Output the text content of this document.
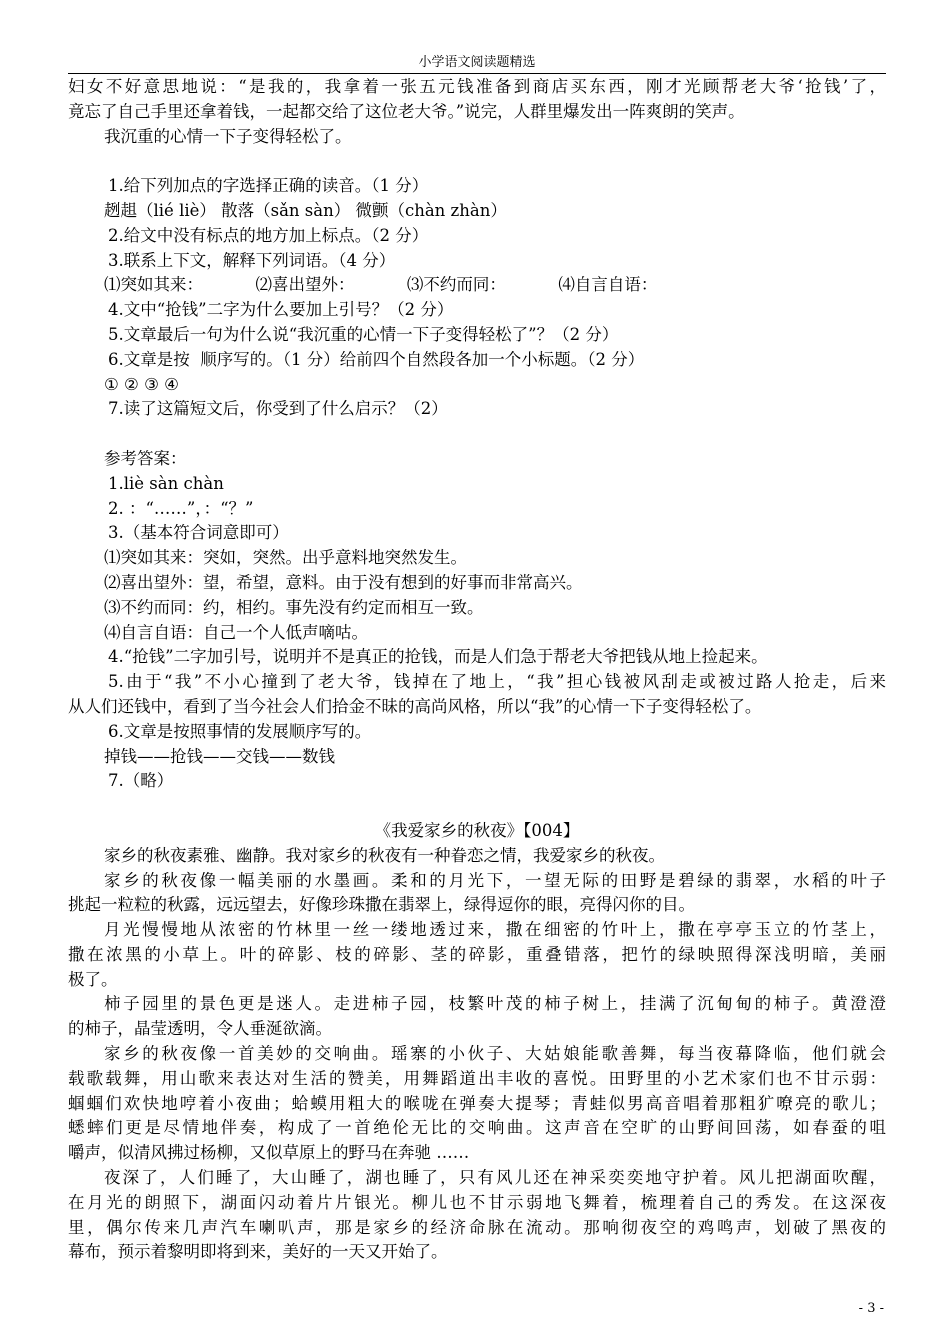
小学语文阅读题精选
妇女不好意思地说：“是我的，我拿着一张五元钱准备到商店买东西，刚才光顾帮老大爷‘抢钱’了，
竟忘了自己手里还拿着钱，一起都交给了这位老大爷。”说完，人群里爆发出一阵爽朗的笑声。
我沉重的心情一下子变得轻松了。
1.给下列加点的字选择正确的读音。（1 分）
趔趄（lié liè） 散落（sǎn sàn） 微颤（chàn zhàn）
2.给文中没有标点的地方加上标点。（2 分）
3.联系上下文，解释下列词语。（4 分）
⑴突如其来：          ⑵喜出望外：          ⑶不约而同：          ⑷自言自语：
4.文中“抢钱”二字为什么要加上引号？（2 分）
5.文章最后一句为什么说“我沉重的心情一下子变得轻松了”？（2 分）
6.文章是按  顺序写的。（1 分）给前四个自然段各加一个小标题。（2 分）
① ② ③ ④
7.读了这篇短文后，你受到了什么启示？（2）
参考答案：
1.liè sàn chàn
2. ：“……”，：“？”
3.（基本符合词意即可）
⑴突如其来：突如，突然。出乎意料地突然发生。
⑵喜出望外：望，希望，意料。由于没有想到的好事而非常高兴。
⑶不约而同：约，相约。事先没有约定而相互一致。
⑷自言自语：自己一个人低声嘀咕。
4.“抢钱”二字加引号，说明并不是真正的抢钱，而是人们急于帮老大爷把钱从地上捡起来。
5.由于“我”不小心撞到了老大爷，钱掉在了地上，“我”担心钱被风刮走或被过路人抢走，后来
从人们还钱中，看到了当今社会人们拾金不昧的高尚风格，所以“我”的心情一下子变得轻松了。
6.文章是按照事情的发展顺序写的。
掉钱——抢钱——交钱——数钱
7.（略）
《我爱家乡的秋夜》【004】
家乡的秋夜素雅、幽静。我对家乡的秋夜有一种眷恋之情，我爱家乡的秋夜。
家乡的秋夜像一幅美丽的水墨画。柔和的月光下，一望无际的田野是碧绿的翡翠，水稻的叶子
挑起一粒粒的秋露，远远望去，好像珍珠撒在翡翠上，绿得逗你的眼，亮得闪你的目。
月光慢慢地从浓密的竹林里一丝一缕地透过来，撒在细密的竹叶上，撒在亭亭玉立的竹茎上，
撒在浓黑的小草上。叶的碎影、枝的碎影、茎的碎影，重叠错落，把竹的绿映照得深浅明暗，美丽
极了。
柿子园里的景色更是迷人。走进柿子园，枝繁叶茂的柿子树上，挂满了沉甸甸的柿子。黄澄澄
的柿子，晶莹透明，令人垂涎欲滴。
家乡的秋夜像一首美妙的交响曲。瑶寨的小伙子、大姑娘能歌善舞，每当夜幕降临，他们就会
载歌载舞，用山歌来表达对生活的赞美，用舞蹈道出丰收的喜悦。田野里的小艺术家们也不甘示弱：
蝈蝈们欢快地哼着小夜曲；蛤蟆用粗大的喉咙在弹奏大提琴；青蛙似男高音唱着那粗犷嘹亮的歌儿；
蟋蟀们更是尽情地伴奏，构成了一首绝伦无比的交响曲。这声音在空旷的山野间回荡，如春蚕的咀
嚼声，似清风拂过杨柳，又似草原上的野马在奔驰 ……
夜深了，人们睡了，大山睡了，湖也睡了，只有风儿还在神采奕奕地守护着。风儿把湖面吹醒，
在月光的朗照下，湖面闪动着片片银光。柳儿也不甘示弱地飞舞着，梳理着自己的秀发。在这深夜
里，偶尔传来几声汽车喇叭声，那是家乡的经济命脉在流动。那响彻夜空的鸡鸣声，划破了黑夜的
幕布，预示着黎明即将到来，美好的一天又开始了。
- 3 -
